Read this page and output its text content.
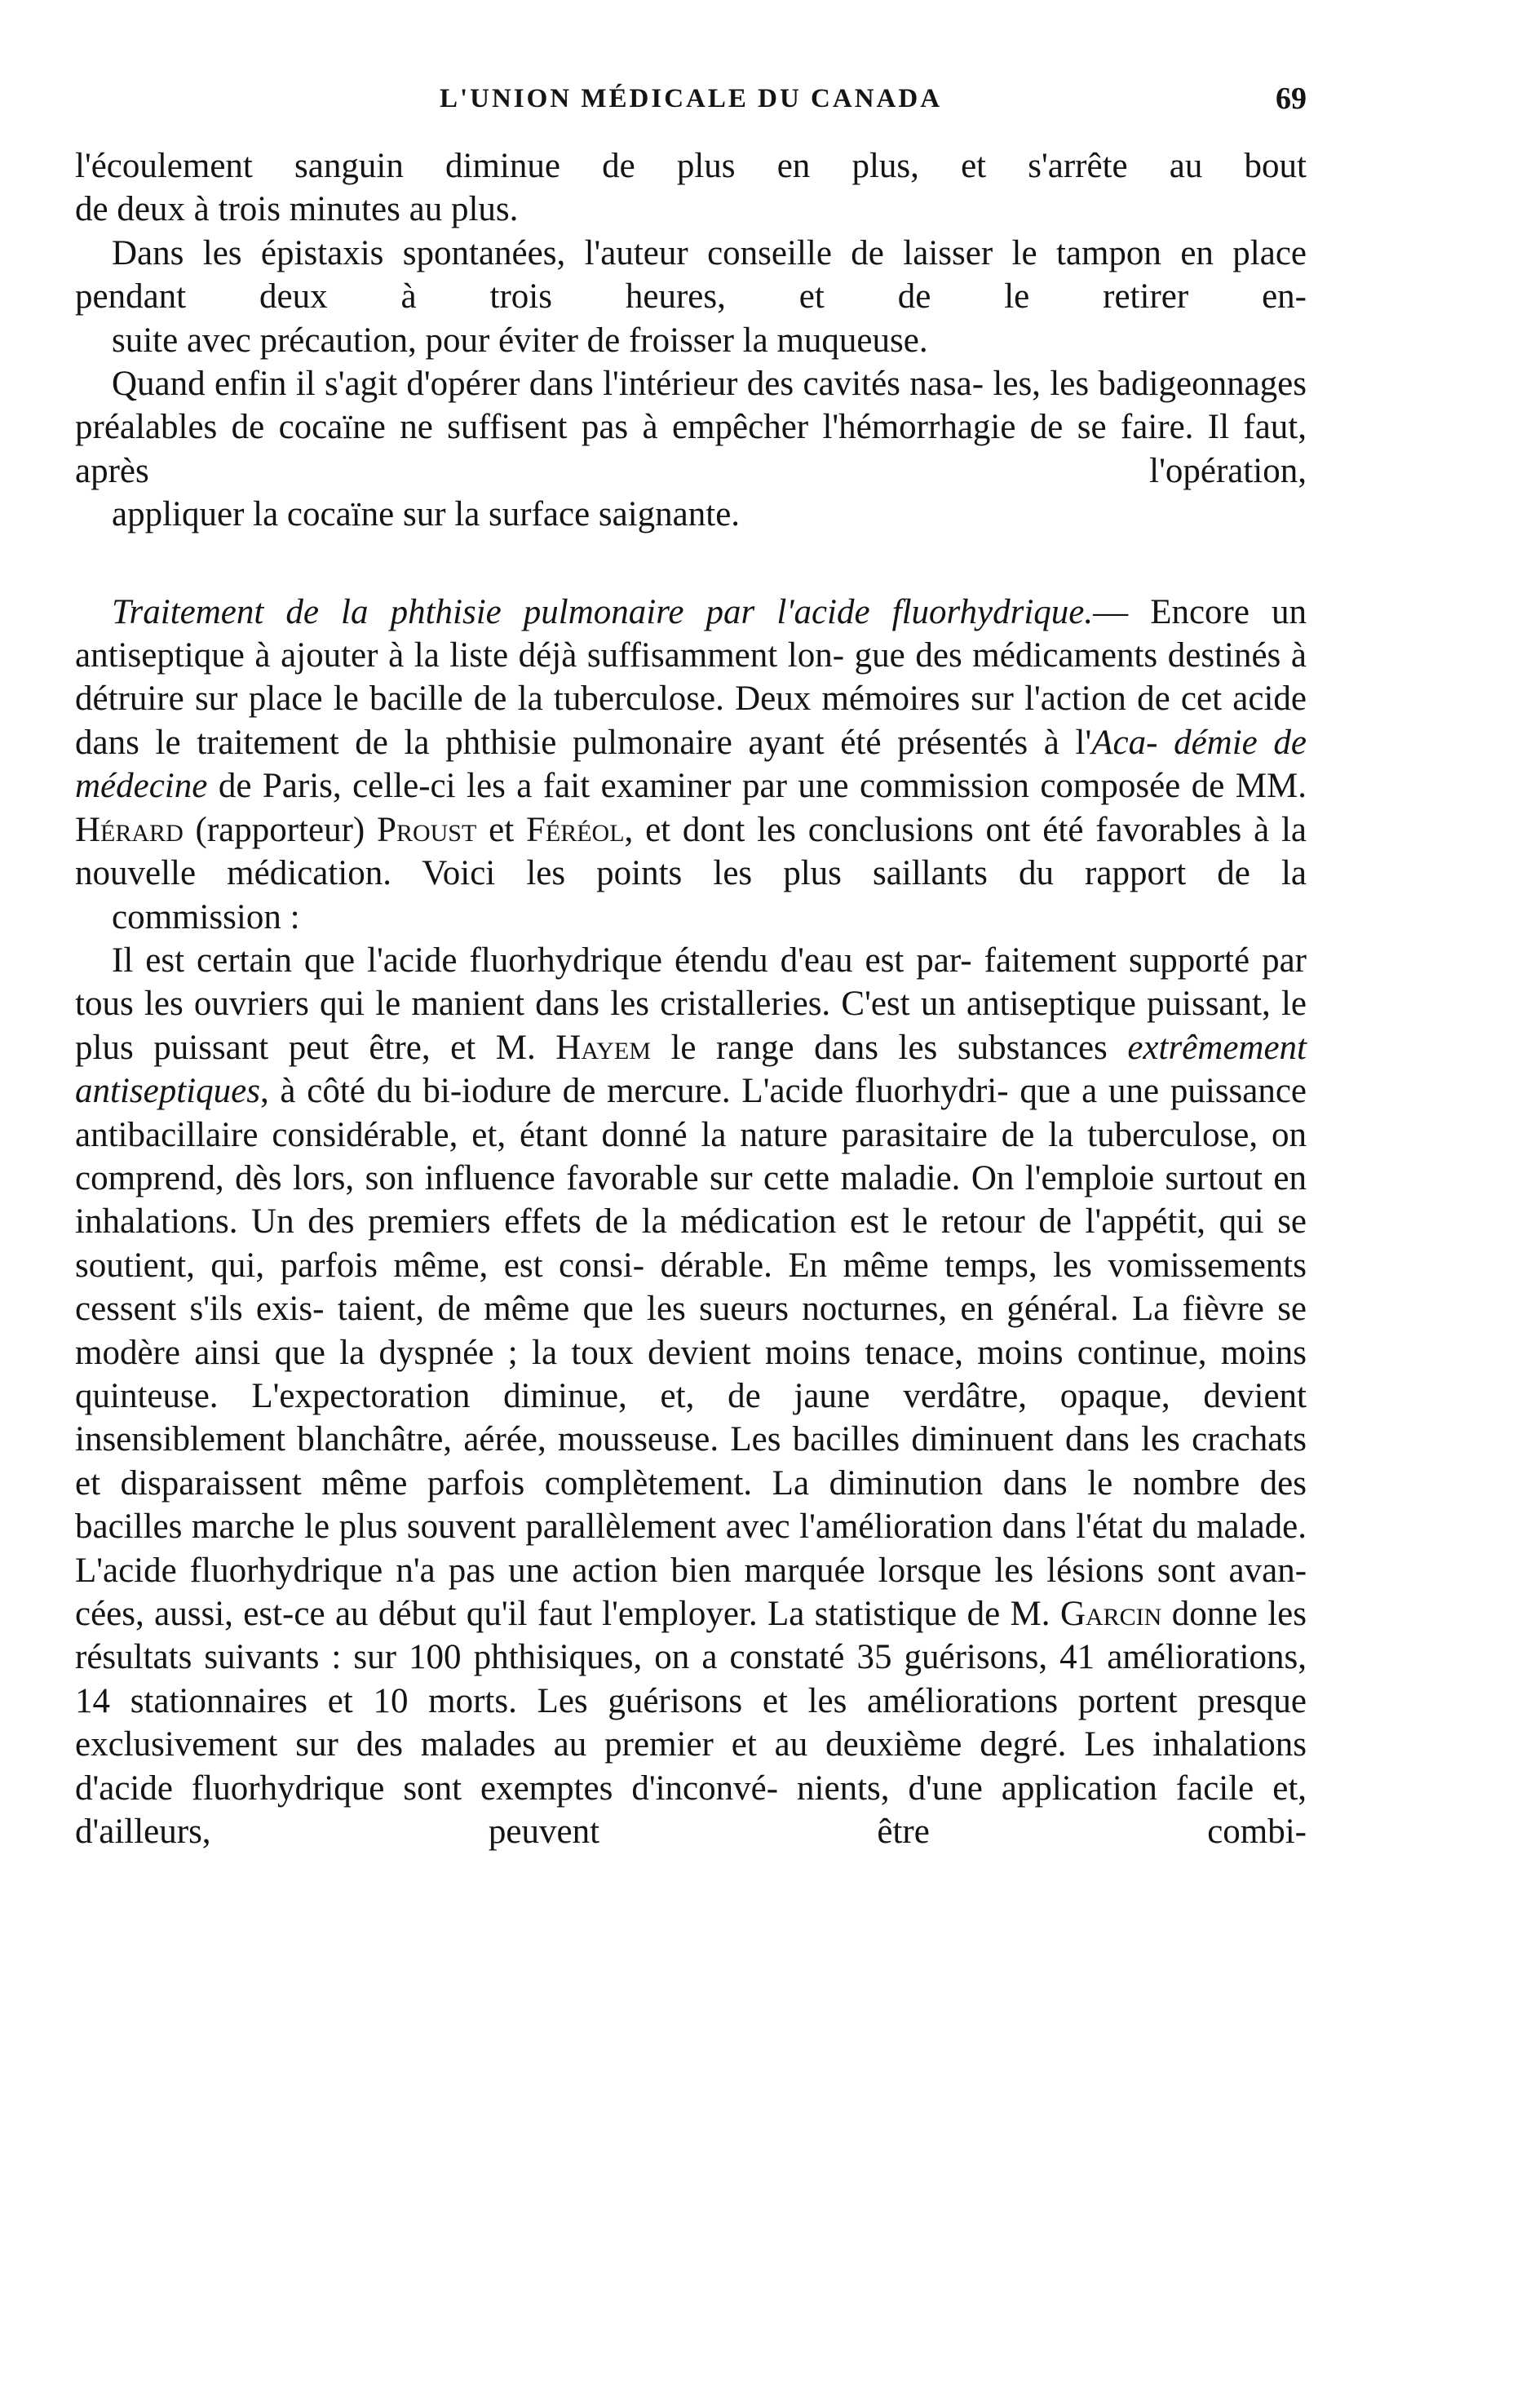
L'UNION MÉDICALE DU CANADA	69

l'écoulement sanguin diminue de plus en plus, et s'arrête au bout
de deux à trois minutes au plus.

Dans les épistaxis spontanées, l'auteur conseille de laisser le tampon en place pendant deux à trois heures, et de le retirer en-
suite avec précaution, pour éviter de froisser la muqueuse.

Quand enfin il s'agit d'opérer dans l'intérieur des cavités nasa- les, les badigeonnages préalables de cocaïne ne suffisent pas à empêcher l'hémorrhagie de se faire. Il faut, après l'opération,
appliquer la cocaïne sur la surface saignante.

Traitement de la phthisie pulmonaire par l'acide fluorhydrique.— Encore un antiseptique à ajouter à la liste déjà suffisamment lon- gue des médicaments destinés à détruire sur place le bacille de la tuberculose. Deux mémoires sur l'action de cet acide dans le traitement de la phthisie pulmonaire ayant été présentés à l'Aca- démie de médecine de Paris, celle-ci les a fait examiner par une commission composée de MM. Hérard (rapporteur) Proust et Féréol, et dont les conclusions ont été favorables à la nouvelle médication. Voici les points les plus saillants du rapport de la
commission :

Il est certain que l'acide fluorhydrique étendu d'eau est par- faitement supporté par tous les ouvriers qui le manient dans les cristalleries. C'est un antiseptique puissant, le plus puissant peut être, et M. Hayem le range dans les substances extrêmement antiseptiques, à côté du bi-iodure de mercure. L'acide fluorhydri- que a une puissance antibacillaire considérable, et, étant donné la nature parasitaire de la tuberculose, on comprend, dès lors, son influence favorable sur cette maladie. On l'emploie surtout en inhalations. Un des premiers effets de la médication est le retour de l'appétit, qui se soutient, qui, parfois même, est consi- dérable. En même temps, les vomissements cessent s'ils exis- taient, de même que les sueurs nocturnes, en général. La fièvre se modère ainsi que la dyspnée ; la toux devient moins tenace, moins continue, moins quinteuse. L'expectoration diminue, et, de jaune verdâtre, opaque, devient insensiblement blanchâtre, aérée, mousseuse. Les bacilles diminuent dans les crachats et disparaissent même parfois complètement. La diminution dans le nombre des bacilles marche le plus souvent parallèlement avec l'amélioration dans l'état du malade. L'acide fluorhydrique n'a pas une action bien marquée lorsque les lésions sont avan- cées, aussi, est-ce au début qu'il faut l'employer. La statistique de M. Garcin donne les résultats suivants : sur 100 phthisiques, on a constaté 35 guérisons, 41 améliorations, 14 stationnaires et 10 morts. Les guérisons et les améliorations portent presque exclusivement sur des malades au premier et au deuxième degré. Les inhalations d'acide fluorhydrique sont exemptes d'inconvé- nients, d'une application facile et, d'ailleurs, peuvent être combi-
